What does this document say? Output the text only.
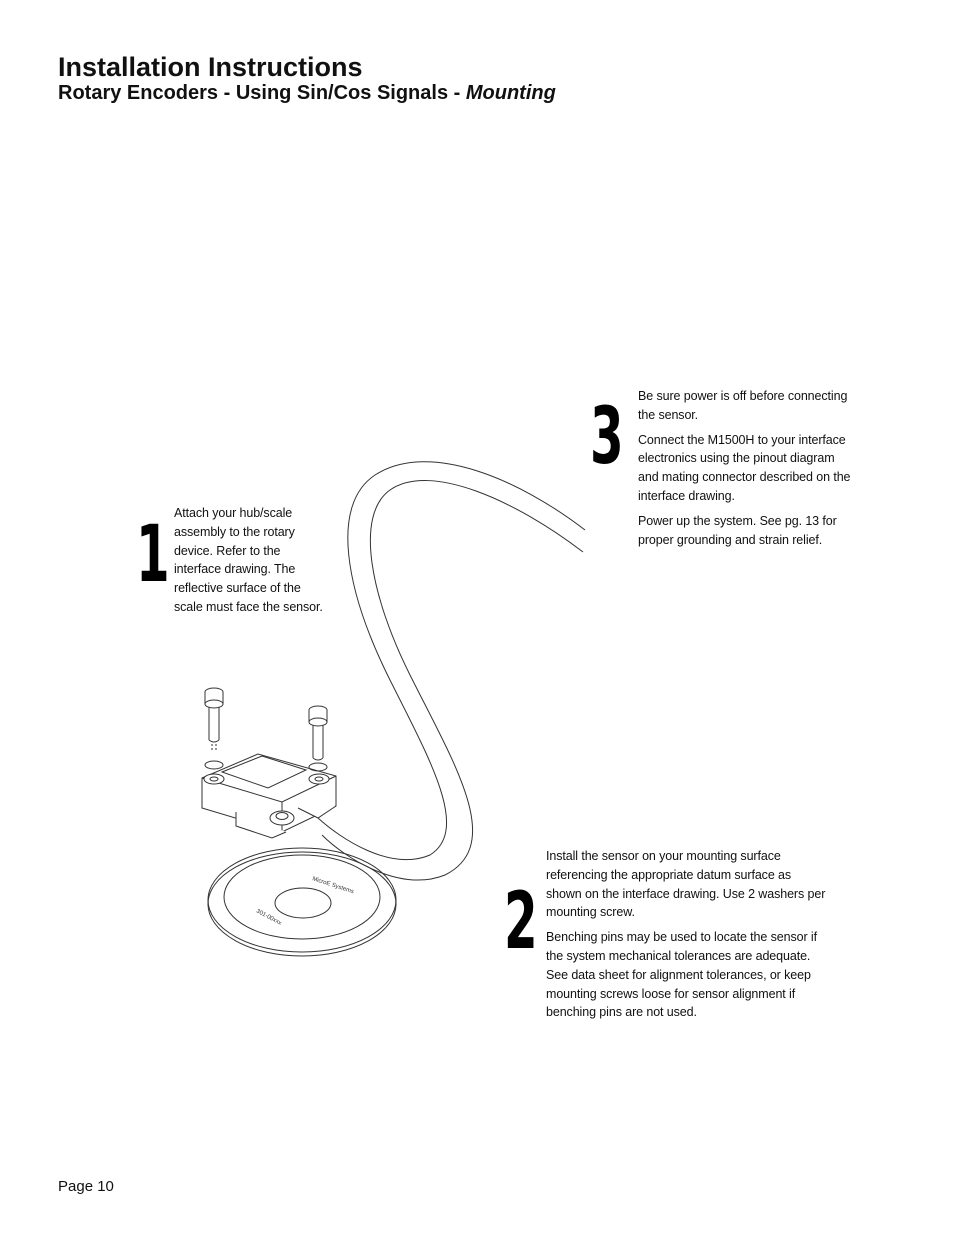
Installation Instructions
Rotary Encoders - Using Sin/Cos Signals - Mounting
MicroE Systems
301-00xxx
1 Attach your hub/scale assembly to the rotary device. Refer to the interface drawing. The reflective surface of the scale must face the sensor.

3 Be sure power is off before connecting the sensor.

Connect the M1500H to your interface electronics using the pinout diagram and mating connector described on the interface drawing.

Power up the system. See pg. 13 for proper grounding and strain relief.

2

Install the sensor on your mounting surface referencing the appropriate datum surface as shown on the interface drawing. Use 2 washers per mounting screw.

Benching pins may be used to locate the sensor if the system mechanical tolerances are adequate. See data sheet for alignment tolerances, or keep mounting screws loose for sensor alignment if benching pins are not used.

Page 10
